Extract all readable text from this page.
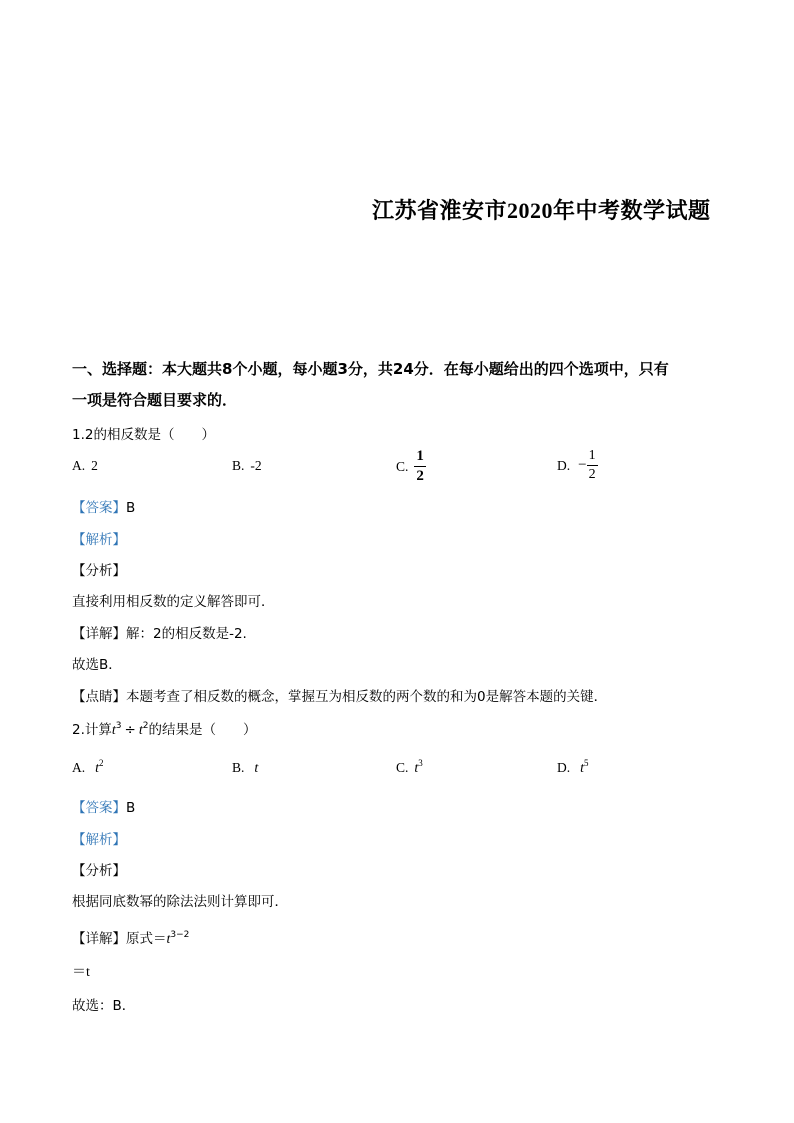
江苏省淮安市2020年中考数学试题
一、选择题：本大题共8个小题，每小题3分，共24分．在每小题给出的四个选项中，只有
一项是符合题目要求的．
1.2的相反数是（　　）
A. 2	B. -2	C. $\frac{1}{2}$	D. − $\frac{1}{2}$
【答案】B
【解析】
【分析】
直接利用相反数的定义解答即可．
【详解】解：2的相反数是-2.
故选B．
【点睛】本题考查了相反数的概念，掌握互为相反数的两个数的和为0是解答本题的关键．
2.计算$t^3 \div t^2$的结果是（　　）
A. $t^2$	B. t	C. $t^3$	D. $t^5$
【答案】B
【解析】
【分析】
根据同底数幂的除法法则计算即可．
【详解】原式$=t^{3-2}$
＝t
故选：B．
